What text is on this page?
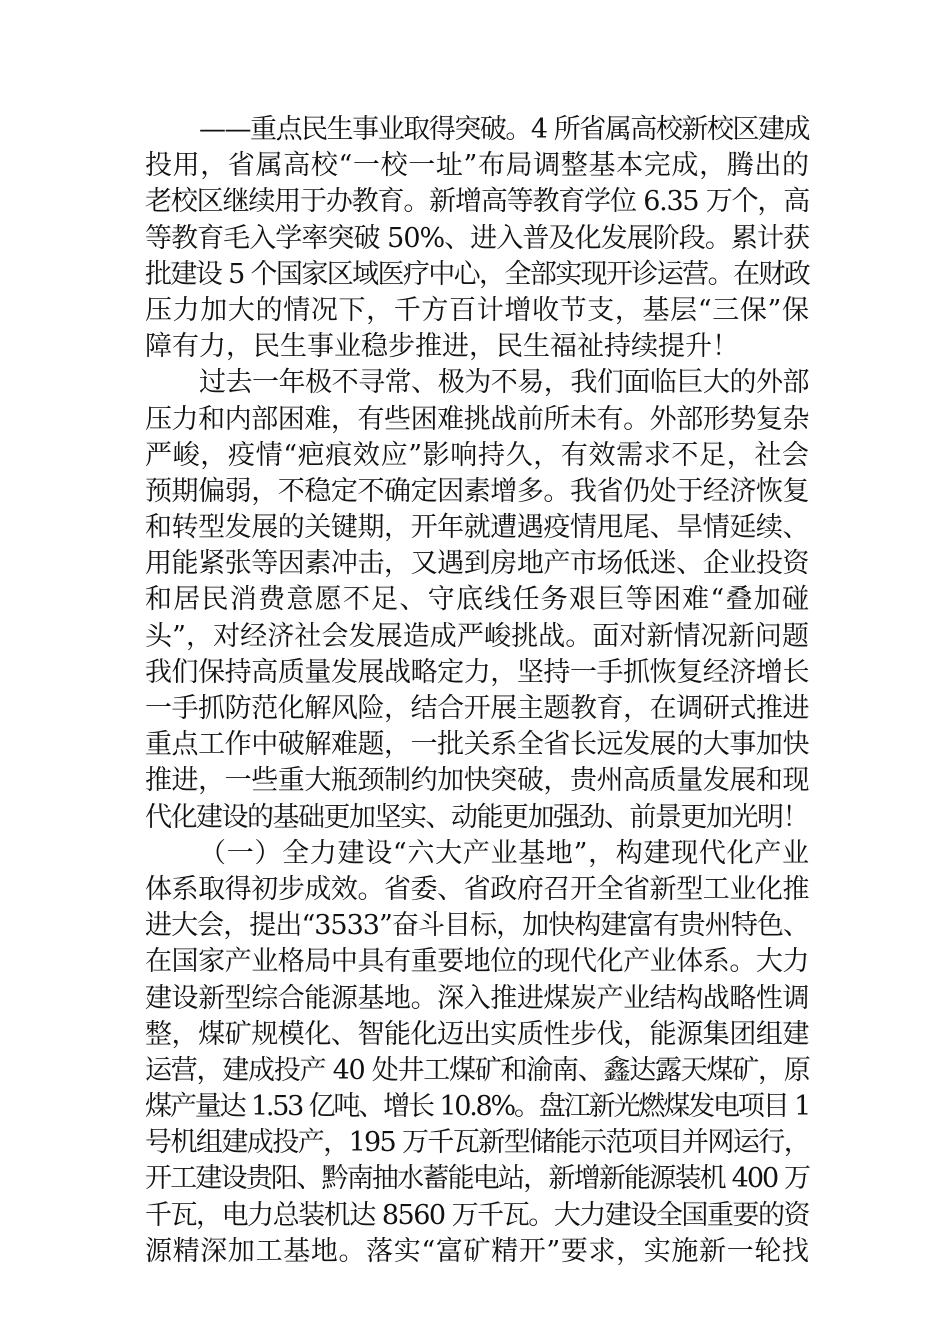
——重点民生事业取得突破。4 所省属高校新校区建成
投用，省属高校“一校一址”布局调整基本完成，腾出的
老校区继续用于办教育。新增高等教育学位 6.35 万个，高
等教育毛入学率突破 50%、进入普及化发展阶段。累计获
批建设 5 个国家区域医疗中心，全部实现开诊运营。在财政
压力加大的情况下，千方百计增收节支，基层“三保”保
障有力，民生事业稳步推进，民生福祉持续提升！
过去一年极不寻常、极为不易，我们面临巨大的外部
压力和内部困难，有些困难挑战前所未有。外部形势复杂
严峻，疫情“疤痕效应”影响持久，有效需求不足，社会
预期偏弱，不稳定不确定因素增多。我省仍处于经济恢复
和转型发展的关键期，开年就遭遇疫情甩尾、旱情延续、
用能紧张等因素冲击，又遇到房地产市场低迷、企业投资
和居民消费意愿不足、守底线任务艰巨等困难“叠加碰
头”，对经济社会发展造成严峻挑战。面对新情况新问题
我们保持高质量发展战略定力，坚持一手抓恢复经济增长
一手抓防范化解风险，结合开展主题教育，在调研式推进
重点工作中破解难题，一批关系全省长远发展的大事加快
推进，一些重大瓶颈制约加快突破，贵州高质量发展和现
代化建设的基础更加坚实、动能更加强劲、前景更加光明！
（一）全力建设“六大产业基地”，构建现代化产业
体系取得初步成效。省委、省政府召开全省新型工业化推
进大会，提出“3533”奋斗目标，加快构建富有贵州特色、
在国家产业格局中具有重要地位的现代化产业体系。大力
建设新型综合能源基地。深入推进煤炭产业结构战略性调
整，煤矿规模化、智能化迈出实质性步伐，能源集团组建
运营，建成投产 40 处井工煤矿和渝南、鑫达露天煤矿，原
煤产量达 1.53 亿吨、增长 10.8%。盘江新光燃煤发电项目 1
号机组建成投产，195 万千瓦新型储能示范项目并网运行，
开工建设贵阳、黔南抽水蓄能电站，新增新能源装机 400 万
千瓦，电力总装机达 8560 万千瓦。大力建设全国重要的资
源精深加工基地。落实“富矿精开”要求，实施新一轮找
